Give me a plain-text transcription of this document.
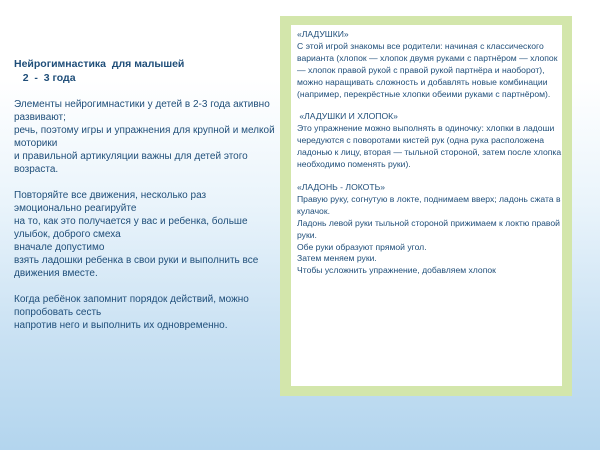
Нейрогимнастика  для малышей
2  -  3 года

Элементы нейрогимнастики у детей в 2-3 года активно развивают;

речь, поэтому игры и упражнения для крупной и мелкой моторики

и правильной артикуляции важны для детей этого возраста.

Повторяйте все движения, несколько раз эмоционально реагируйте

на то, как это получается у вас и ребенка, больше улыбок, доброго смеха

вначале допустимо

взять ладошки ребенка в свои руки и выполнить все движения вместе.

Когда ребёнок запомнит порядок действий, можно попробовать сесть

напротив него и выполнить их одновременно.

«ЛАДУШКИ»

С этой игрой знакомы все родители: начиная с классического варианта (хлопок — хлопок двумя руками с партнёром — хлопок — хлопок правой рукой с правой рукой партнёра и наоборот), можно наращивать сложность и добавлять новые комбинации (например, перекрёстные хлопки обеими руками с партнёром).

«ЛАДУШКИ И ХЛОПОК»

Это упражнение можно выполнять в одиночку: хлопки в ладоши чередуются с поворотами кистей рук (одна рука расположена ладонью к лицу, вторая — тыльной стороной, затем после хлопка необходимо поменять руки).

«ЛАДОНЬ - ЛОКОТЬ»

Правую руку, согнутую в локте, поднимаем вверх; ладонь сжата в кулачок.

Ладонь левой руки тыльной стороной прижимаем к локтю правой руки.

Обе руки образуют прямой угол.

Затем меняем руки.

Чтобы усложнить упражнение, добавляем хлопок
